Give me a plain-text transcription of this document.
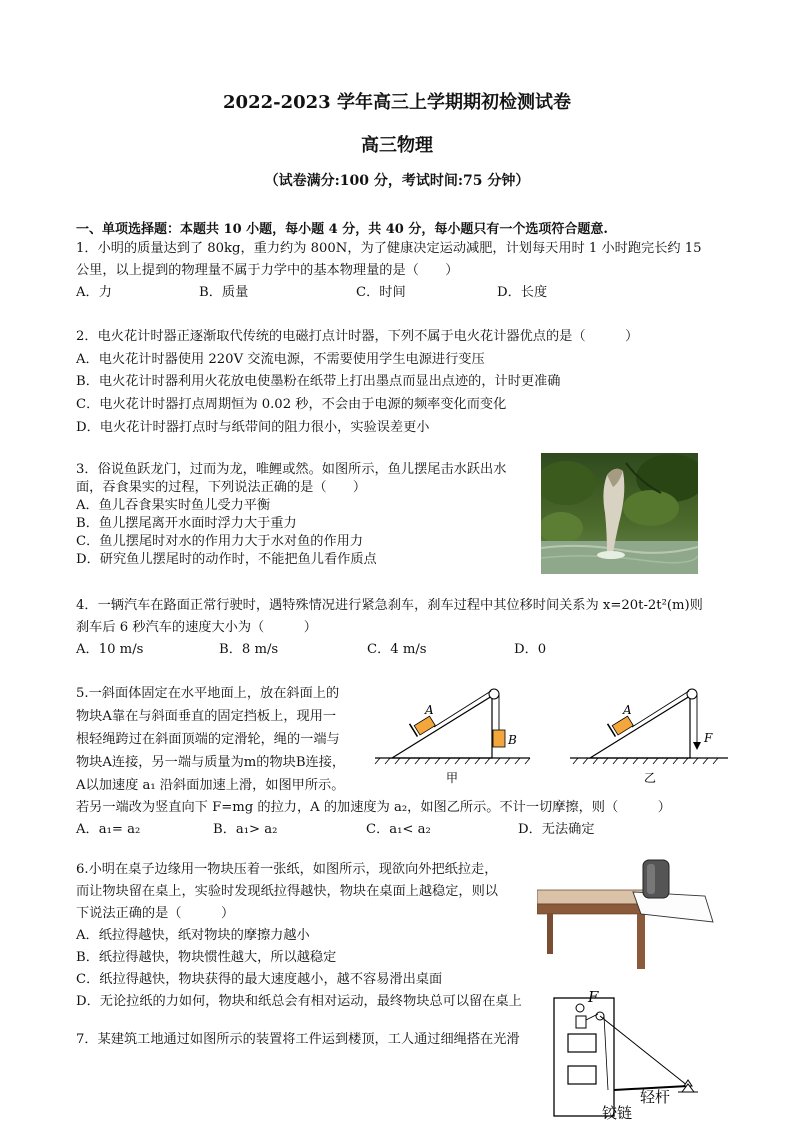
2022-2023 学年高三上学期期初检测试卷
高三物理
（试卷满分:100 分，考试时间:75 分钟）
一、单项选择题：本题共 10 小题，每小题 4 分，共 40 分，每小题只有一个选项符合题意.
1．小明的质量达到了 80kg，重力约为 800N，为了健康决定运动减肥，计划每天用时 1 小时跑完长约 15
公里，以上提到的物理量不属于力学中的基本物理量的是（　　）
A．力	B．质量	C．时间	D．长度
2．电火花计时器正逐渐取代传统的电磁打点计时器，下列不属于电火花计器优点的是（　　　）
A．电火花计时器使用 220V 交流电源，不需要使用学生电源进行变压
B．电火花计时器利用火花放电使墨粉在纸带上打出墨点而显出点迹的，计时更准确
C．电火花计时器打点周期恒为 0.02 秒，不会由于电源的频率变化而变化
D．电火花计时器打点时与纸带间的阻力很小，实验误差更小
3．俗说鱼跃龙门，过而为龙，唯鲤或然。如图所示，鱼儿摆尾击水跃出水
面，吞食果实的过程，下列说法正确的是（　　）
A．鱼儿吞食果实时鱼儿受力平衡
B．鱼儿摆尾离开水面时浮力大于重力
C．鱼儿摆尾时对水的作用力大于水对鱼的作用力
D．研究鱼儿摆尾时的动作时，不能把鱼儿看作质点
4．一辆汽车在路面正常行驶时，遇特殊情况进行紧急刹车，刹车过程中其位移时间关系为 x=20t-2t²(m)则
刹车后 6 秒汽车的速度大小为（　　　）
A．10 m/s	B．8 m/s	C．4 m/s	D．0
5.一斜面体固定在水平地面上，放在斜面上的
物块A靠在与斜面垂直的固定挡板上，现用一
根轻绳跨过在斜面顶端的定滑轮，绳的一端与
物块A连接，另一端与质量为m的物块B连接，
A以加速度 a₁ 沿斜面加速上滑，如图甲所示。
若另一端改为竖直向下 F=mg 的拉力，A 的加速度为 a₂，如图乙所示。不计一切摩擦，则（　　　）
A．a₁= a₂	B．a₁> a₂	C．a₁< a₂	D．无法确定
A
B
甲
A
F
乙
6.小明在桌子边缘用一物块压着一张纸，如图所示，现欲向外把纸拉走，
而让物块留在桌上，实验时发现纸拉得越快，物块在桌面上越稳定，则以
下说法正确的是（　　　）
A．纸拉得越快，纸对物块的摩擦力越小
B．纸拉得越快，物块惯性越大，所以越稳定
C．纸拉得越快，物块获得的最大速度越小，越不容易滑出桌面
D．无论拉纸的力如何，物块和纸总会有相对运动，最终物块总可以留在桌上
7．某建筑工地通过如图所示的装置将工件运到楼顶，工人通过细绳搭在光滑
F
轻杆
铰链
